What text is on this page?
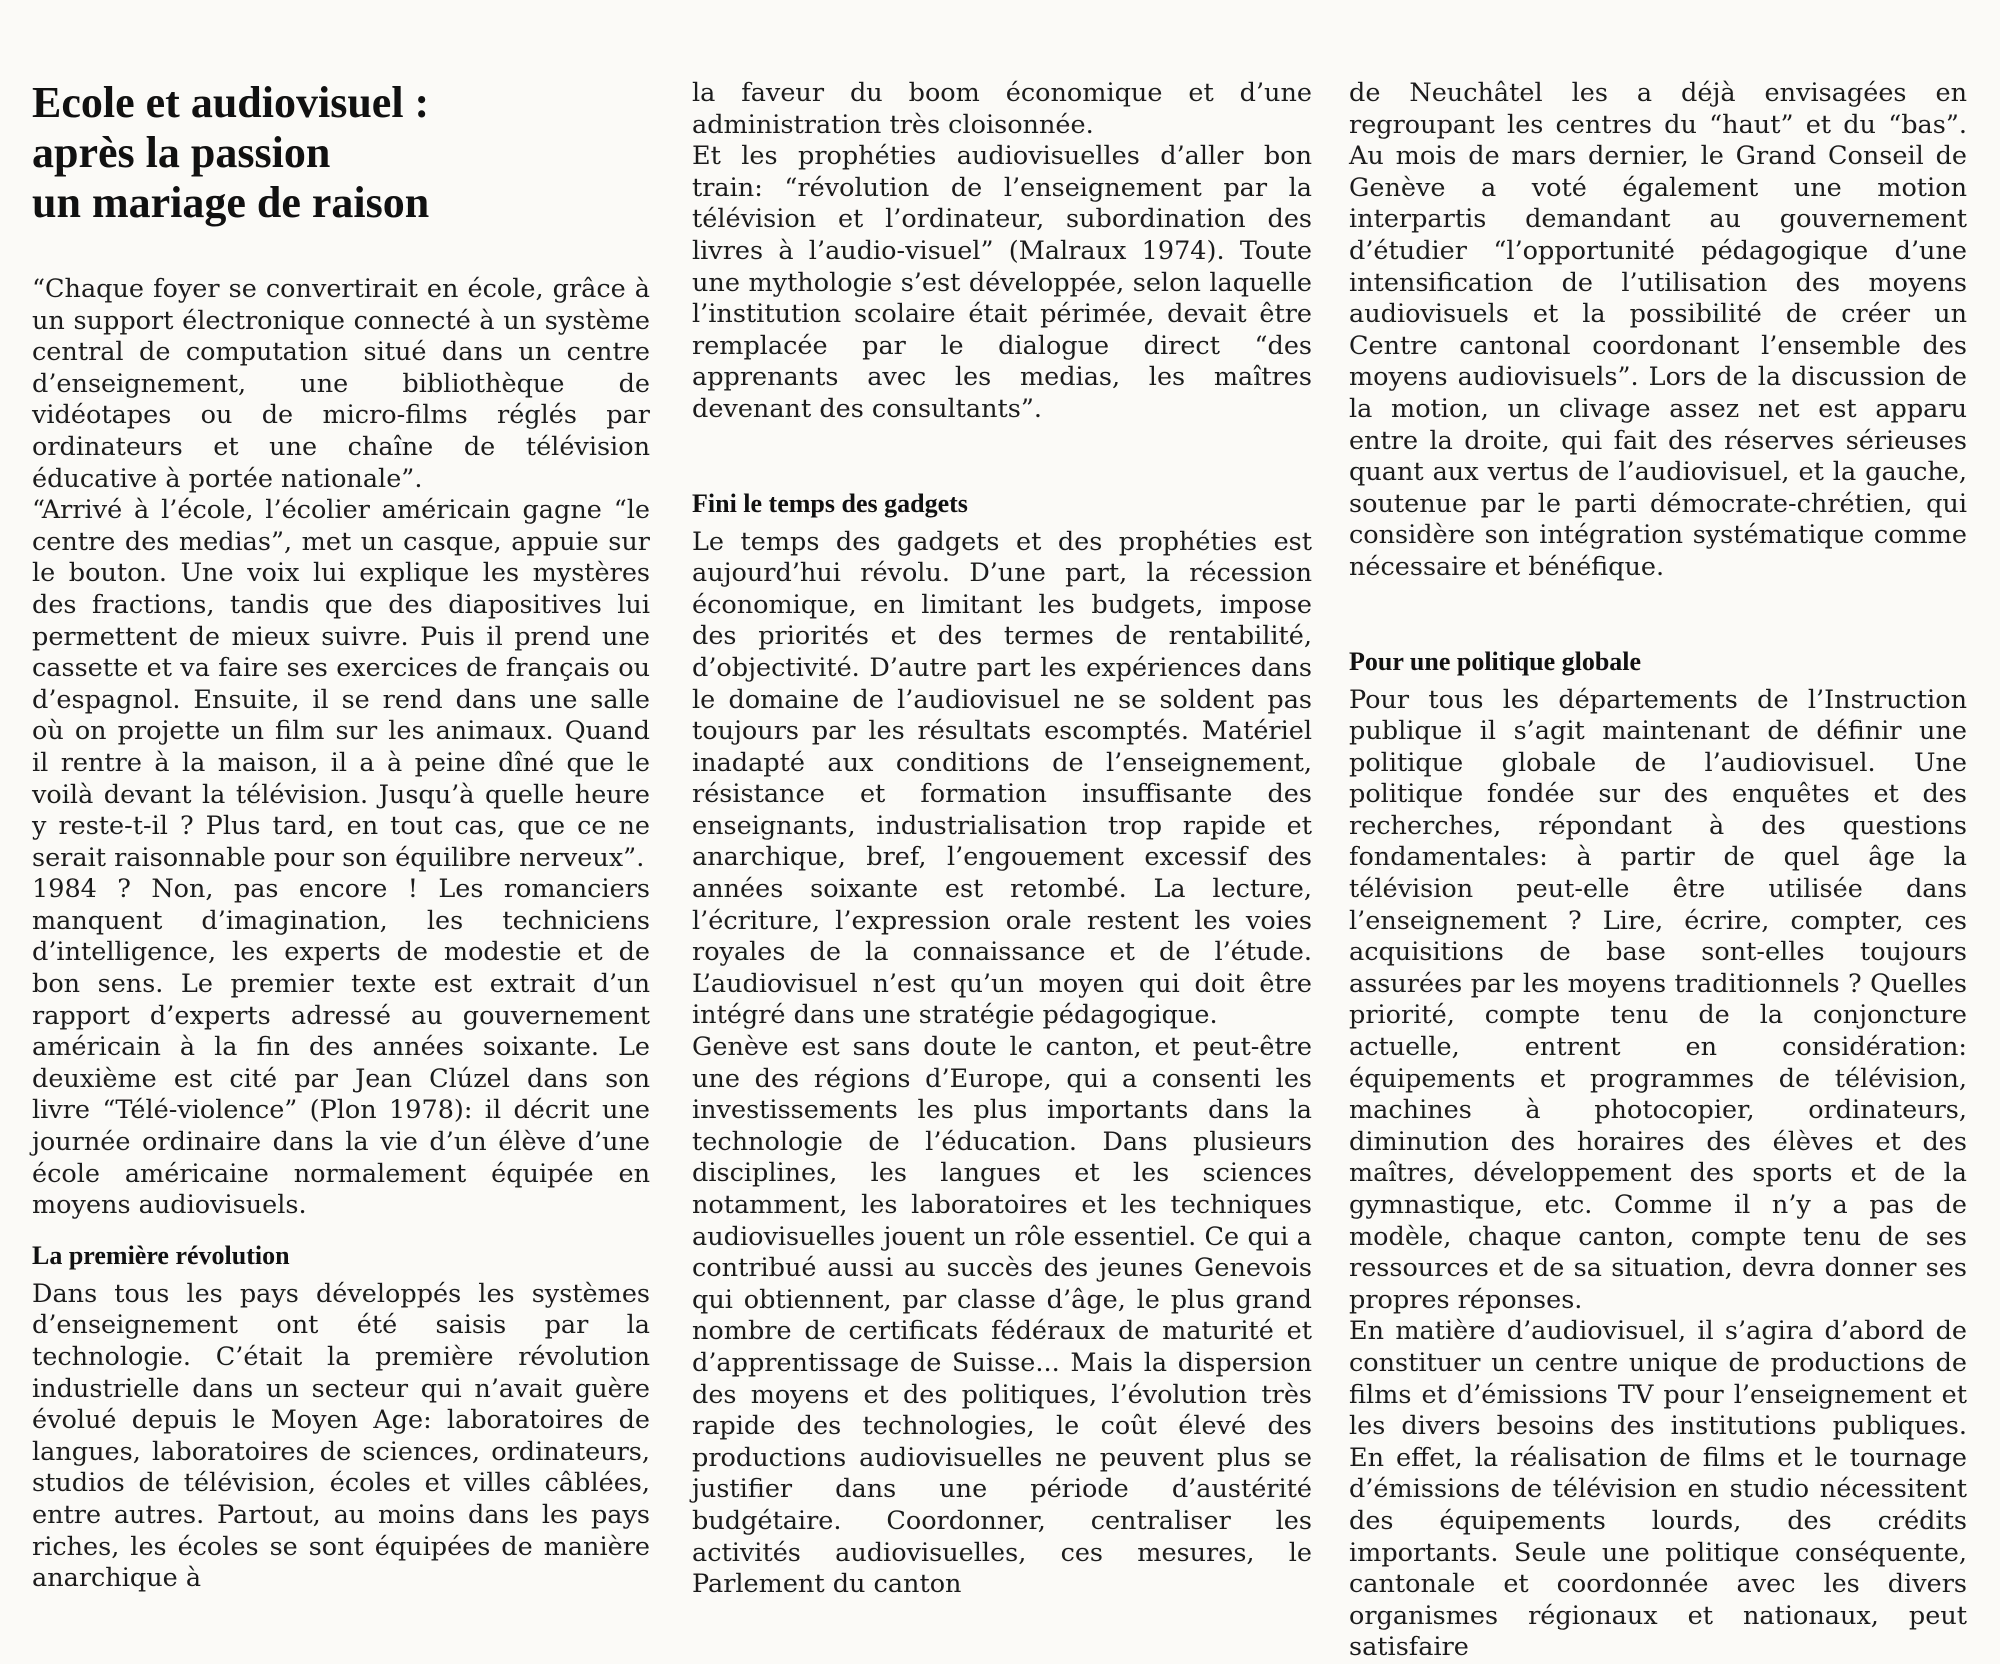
Ecole et audiovisuel :
après la passion
un mariage de raison

“Chaque foyer se convertirait en école, grâce à un support électronique connecté à un système central de computation situé dans un centre d’enseignement, une bibliothèque de vidéotapes ou de micro-films réglés par ordinateurs et une chaîne de télévision éducative à portée nationale”.

“Arrivé à l’école, l’écolier américain gagne “le centre des medias”, met un casque, appuie sur le bouton. Une voix lui explique les mystères des fractions, tandis que des diapositives lui permettent de mieux suivre. Puis il prend une cassette et va faire ses exercices de français ou d’espagnol. Ensuite, il se rend dans une salle où on projette un film sur les animaux. Quand il rentre à la maison, il a à peine dîné que le voilà devant la télévision. Jusqu’à quelle heure y reste-t-il ? Plus tard, en tout cas, que ce ne serait raisonnable pour son équilibre nerveux”.

1984 ? Non, pas encore ! Les romanciers manquent d’imagination, les techniciens d’intelligence, les experts de modestie et de bon sens. Le premier texte est extrait d’un rapport d’experts adressé au gouvernement américain à la fin des années soixante. Le deuxième est cité par Jean Clúzel dans son livre “Télé-violence” (Plon 1978): il décrit une journée ordinaire dans la vie d’un élève d’une école américaine normalement équipée en moyens audiovisuels.

La première révolution

Dans tous les pays développés les systèmes d’enseignement ont été saisis par la technologie. C’était la première révolution industrielle dans un secteur qui n’avait guère évolué depuis le Moyen Age: laboratoires de langues, laboratoires de sciences, ordinateurs, studios de télévision, écoles et villes câblées, entre autres. Partout, au moins dans les pays riches, les écoles se sont équipées de manière anarchique à

la faveur du boom économique et d’une administration très cloisonnée.

Et les prophéties audiovisuelles d’aller bon train: “révolution de l’enseignement par la télévision et l’ordinateur, subordination des livres à l’audio-visuel” (Malraux 1974). Toute une mythologie s’est développée, selon laquelle l’institution scolaire était périmée, devait être remplacée par le dialogue direct “des apprenants avec les medias, les maîtres devenant des consultants”.

Fini le temps des gadgets

Le temps des gadgets et des prophéties est aujourd’hui révolu. D’une part, la récession économique, en limitant les budgets, impose des priorités et des termes de rentabilité, d’objectivité. D’autre part les expériences dans le domaine de l’audiovisuel ne se soldent pas toujours par les résultats escomptés. Matériel inadapté aux conditions de l’enseignement, résistance et formation insuffisante des enseignants, industrialisation trop rapide et anarchique, bref, l’engouement excessif des années soixante est retombé. La lecture, l’écriture, l’expression orale restent les voies royales de la connaissance et de l’étude. L’audiovisuel n’est qu’un moyen qui doit être intégré dans une stratégie pédagogique.

Genève est sans doute le canton, et peut-être une des régions d’Europe, qui a consenti les investissements les plus importants dans la technologie de l’éducation. Dans plusieurs disciplines, les langues et les sciences notamment, les laboratoires et les techniques audiovisuelles jouent un rôle essentiel. Ce qui a contribué aussi au succès des jeunes Genevois qui obtiennent, par classe d’âge, le plus grand nombre de certificats fédéraux de maturité et d’apprentissage de Suisse... Mais la dispersion des moyens et des politiques, l’évolution très rapide des technologies, le coût élevé des productions audiovisuelles ne peuvent plus se justifier dans une période d’austérité budgétaire. Coordonner, centraliser les activités audiovisuelles, ces mesures, le Parlement du canton

de Neuchâtel les a déjà envisagées en regroupant les centres du “haut” et du “bas”. Au mois de mars dernier, le Grand Conseil de Genève a voté également une motion interpartis demandant au gouvernement d’étudier “l’opportunité pédagogique d’une intensification de l’utilisation des moyens audiovisuels et la possibilité de créer un Centre cantonal coordonant l’ensemble des moyens audiovisuels”. Lors de la discussion de la motion, un clivage assez net est apparu entre la droite, qui fait des réserves sérieuses quant aux vertus de l’audiovisuel, et la gauche, soutenue par le parti démocrate-chrétien, qui considère son intégration systématique comme nécessaire et bénéfique.

Pour une politique globale

Pour tous les départements de l’Instruction publique il s’agit maintenant de définir une politique globale de l’audiovisuel. Une politique fondée sur des enquêtes et des recherches, répondant à des questions fondamentales: à partir de quel âge la télévision peut-elle être utilisée dans l’enseignement ? Lire, écrire, compter, ces acquisitions de base sont-elles toujours assurées par les moyens traditionnels ? Quelles priorité, compte tenu de la conjoncture actuelle, entrent en considération: équipements et programmes de télévision, machines à photocopier, ordinateurs, diminution des horaires des élèves et des maîtres, développement des sports et de la gymnastique, etc. Comme il n’y a pas de modèle, chaque canton, compte tenu de ses ressources et de sa situation, devra donner ses propres réponses.

En matière d’audiovisuel, il s’agira d’abord de constituer un centre unique de productions de films et d’émissions TV pour l’enseignement et les divers besoins des institutions publiques. En effet, la réalisation de films et le tournage d’émissions de télévision en studio nécessitent des équipements lourds, des crédits importants. Seule une politique conséquente, cantonale et coordonnée avec les divers organismes régionaux et nationaux, peut satisfaire
